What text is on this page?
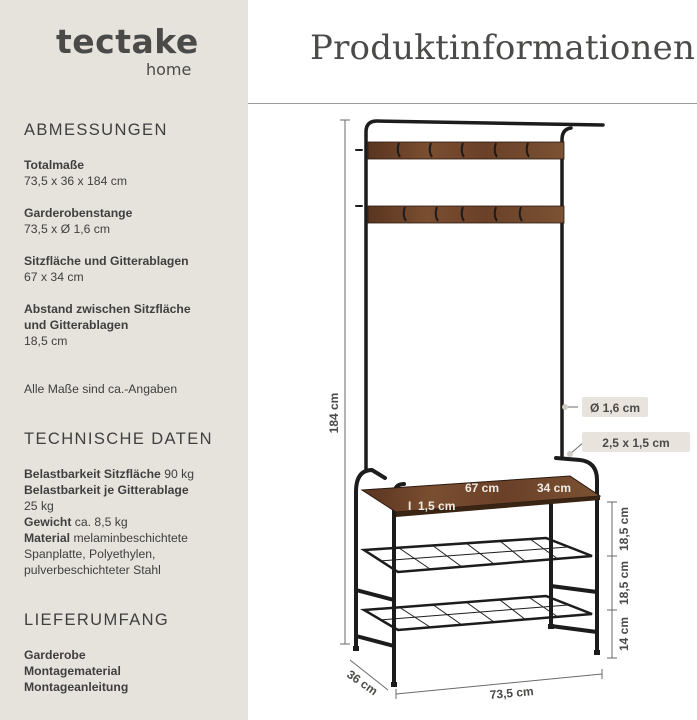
tectake
home
ABMESSUNGEN
Totalmaße
73,5 x 36 x 184 cm
Garderobenstange
73,5 x Ø 1,6 cm
Sitzfläche und Gitterablagen
67 x 34 cm
Abstand zwischen Sitzfläche
und Gitterablagen
18,5 cm
Alle Maße sind ca.-Angaben
TECHNISCHE DATEN
Belastbarkeit Sitzfläche 90 kg
Belastbarkeit je Gitterablage
25 kg
Gewicht ca. 8,5 kg
Material melaminbeschichtete
Spanplatte, Polyethylen,
pulverbeschichteter Stahl
LIEFERUMFANG
Garderobe
Montagematerial
Montageanleitung
Produktinformationen
184 cm	Ø 1,6 cm
2,5 x 1,5 cm
67 cm	34 cm
I 1,5 cm
18,5 cm
18,5 cm
14 cm
36 cm	73,5 cm
